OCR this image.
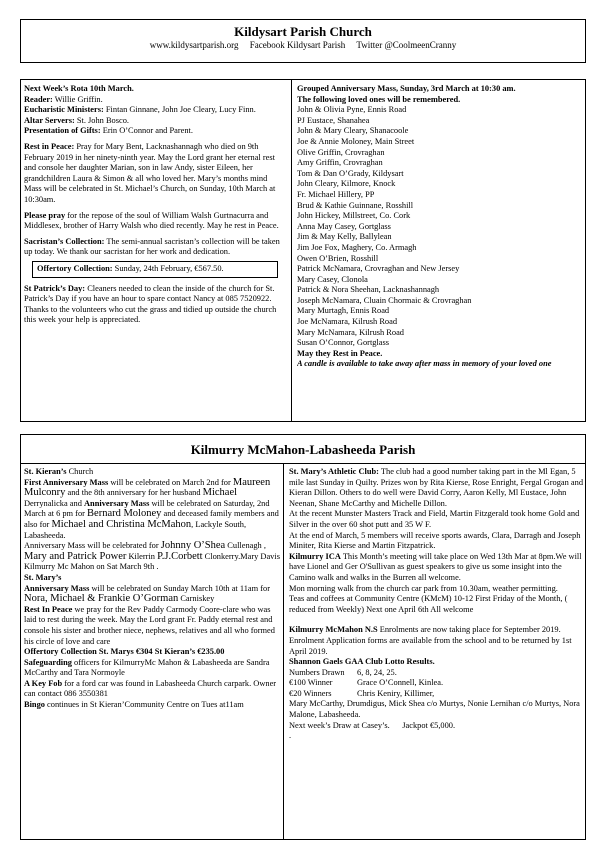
Kildysart Parish Church
www.kildysartparish.org Facebook Kildysart Parish Twitter @CoolmeenCranny

Next Week’s Rota 10th March.
Reader: Willie Griffin.
Eucharistic Ministers: Fintan Ginnane, John Joe Cleary, Lucy Finn.
Altar Servers: St. John Bosco.
Presentation of Gifts: Erin O’Connor and Parent.

Rest in Peace: Pray for Mary Bent, Lacknashannagh who died on 9th February 2019 in her ninety-ninth year. May the Lord grant her eternal rest and console her daughter Marian, son in law Andy, sister Eileen, her grandchildren Laura & Simon & all who loved her. Mary’s months mind Mass will be celebrated in St. Michael’s Church, on Sunday, 10th March at 10:30am.

Please pray for the repose of the soul of William Walsh Gurtnacurra and Middlesex, brother of Harry Walsh who died recently. May he rest in Peace.

Sacristan’s Collection: The semi-annual sacristan’s collection will be taken up today. We thank our sacristan for her work and dedication.

Offertory Collection: Sunday, 24th February, €567.50.

St Patrick’s Day: Cleaners needed to clean the inside of the church for St. Patrick’s Day if you have an hour to spare contact Nancy at 085 7520922. Thanks to the volunteers who cut the grass and tidied up outside the church this week your help is appreciated.

Grouped Anniversary Mass, Sunday, 3rd March at 10:30 am.
The following loved ones will be remembered.
John & Olivia Pyne, Ennis Road
PJ Eustace, Shanahea
John & Mary Cleary, Shanacoole
Joe & Annie Moloney, Main Street
Olive Griffin, Crovraghan
Amy Griffin, Crovraghan
Tom & Dan O’Grady, Kildysart
John Cleary, Kilmore, Knock
Fr. Michael Hillery, PP
Brud & Kathie Guinnane, Rosshill
John Hickey, Millstreet, Co. Cork
Anna May Casey, Gortglass
Jim & May Kelly, Ballylean
Jim Joe Fox, Maghery, Co. Armagh
Owen O’Brien, Rosshill
Patrick McNamara, Crovraghan and New Jersey
Mary Casey, Clonola
Patrick & Nora Sheehan, Lacknashannagh
Joseph McNamara, Cluain Chormaic & Crovraghan
Mary Murtagh, Ennis Road
Joe McNamara, Kilrush Road
Mary McNamara, Kilrush Road
Susan O’Connor, Gortglass
May they Rest in Peace.
A candle is available to take away after mass in memory of your loved one
Kilmurry McMahon-Labasheeda Parish
St. Kieran’s Church
First Anniversary Mass will be celebrated on March 2nd for Maureen Mulconry and the 8th anniversary for her husband Michael Derrynalicka and Anniversary Mass will be celebrated on Saturday, 2nd March at 6 pm for Bernard Moloney and deceased family members and also for Michael and Christina McMahon, Lackyle South, Labasheeda.
Anniversary Mass will be celebrated for Johnny O’Shea Cullenagh , Mary and Patrick Power Kilerrin P.J.Corbett Clonkerry.Mary Davis Kilmurry Mc Mahon on Sat March 9th .
St. Mary’s
Anniversary Mass will be celebrated on Sunday March 10th at 11am for Nora, Michael & Frankie O’Gorman Carniskey
Rest In Peace we pray for the Rev Paddy Carmody Coore-clare who was laid to rest during the week. May the Lord grant Fr. Paddy eternal rest and console his sister and brother niece, nephews, relatives and all who formed his circle of love and care
Offertory Collection St. Marys €304 St Kieran’s €235.00
Safeguarding officers for KilmurryMc Mahon & Labasheeda are Sandra McCarthy and Tara Normoyle
A Key Fob for a ford car was found in Labasheeda Church carpark. Owner can contact 086 3550381
Bingo continues in St Kieran’Community Centre on Tues at11am
St. Mary’s Athletic Club: The club had a good number taking part in the Ml Egan, 5 mile last Sunday in Quilty. Prizes won by Rita Kierse, Rose Enright, Fergal Grogan and Kieran Dillon. Others to do well were David Corry, Aaron Kelly, Ml Eustace, John Neenan, Shane McCarthy and Michelle Dillon.
At the recent Munster Masters Track and Field, Martin Fitzgerald took home Gold and Silver in the over 60 shot putt and 35 W F.
At the end of March, 5 members will receive sports awards, Clara, Darragh and Joseph Miniter, Rita Kierse and Martin Fitzpatrick.
Kilmurry ICA This Month’s meeting will take place on Wed 13th Mar at 8pm.We will have Lionel and Ger O'Sullivan as guest speakers to give us some insight into the Camino walk and walks in the Burren all welcome.
Mon morning walk from the church car park from 10.30am, weather permitting.
Teas and coffees at Community Centre (KMcM) 10-12 First Friday of the Month, ( reduced from Weekly) Next one April 6th All welcome
Kilmurry McMahon N.S Enrolments are now taking place for September 2019. Enrolment Application forms are available from the school and to be returned by 1st April 2019.
Shannon Gaels GAA Club Lotto Results.
Numbers Drawn 6, 8, 24, 25.
€100 Winner	Grace O’Connell, Kinlea.
€20 Winners	Chris Keniry, Killimer,
Mary McCarthy, Drumdigus, Mick Shea c/o Murtys, Nonie Lernihan c/o Murtys, Nora Malone, Labasheeda.
Next week’s Draw at Casey’s. Jackpot €5,000.
.
